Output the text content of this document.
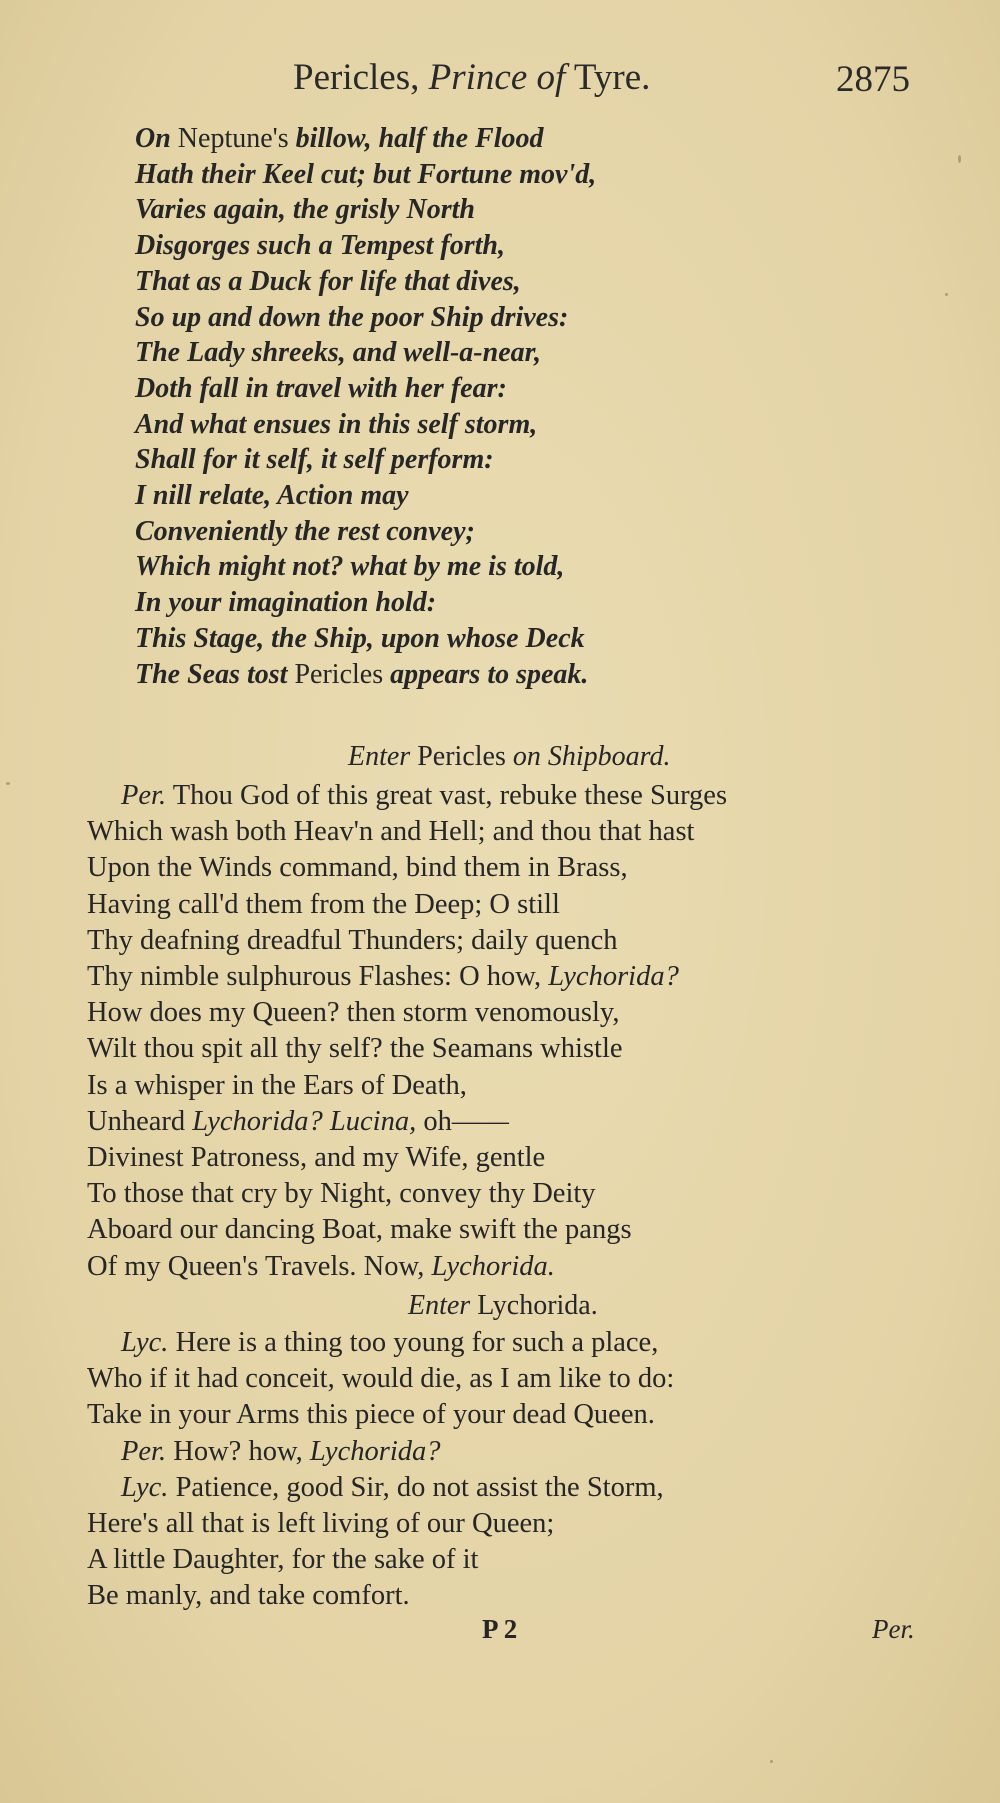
Pericles, Prince of Tyre.	2875
On Neptune's billow, half the Flood
Hath their Keel cut; but Fortune mov'd,
Varies again, the grisly North
Disgorges such a Tempest forth,
That as a Duck for life that dives,
So up and down the poor Ship drives:
The Lady shreeks, and well-a-near,
Doth fall in travel with her fear:
And what ensues in this self storm,
Shall for it self, it self perform:
I nill relate, Action may
Conveniently the rest convey;
Which might not? what by me is told,
In your imagination hold:
This Stage, the Ship, upon whose Deck
The Seas tost Pericles appears to speak.
Enter Pericles on Shipboard.
Per. Thou God of this great vast, rebuke these Surges
Which wash both Heav'n and Hell; and thou that hast
Upon the Winds command, bind them in Brass,
Having call'd them from the Deep; O still
Thy deafning dreadful Thunders; daily quench
Thy nimble sulphurous Flashes: O how, Lychorida?
How does my Queen? then storm venomously,
Wilt thou spit all thy self? the Seamans whistle
Is a whisper in the Ears of Death,
Unheard Lychorida? Lucina, oh——
Divinest Patroness, and my Wife, gentle
To those that cry by Night, convey thy Deity
Aboard our dancing Boat, make swift the pangs
Of my Queen's Travels. Now, Lychorida.
Enter Lychorida.
Lyc. Here is a thing too young for such a place,
Who if it had conceit, would die, as I am like to do:
Take in your Arms this piece of your dead Queen.
Per. How? how, Lychorida?
Lyc. Patience, good Sir, do not assist the Storm,
Here's all that is left living of our Queen;
A little Daughter, for the sake of it
Be manly, and take comfort.
P 2	Per.
